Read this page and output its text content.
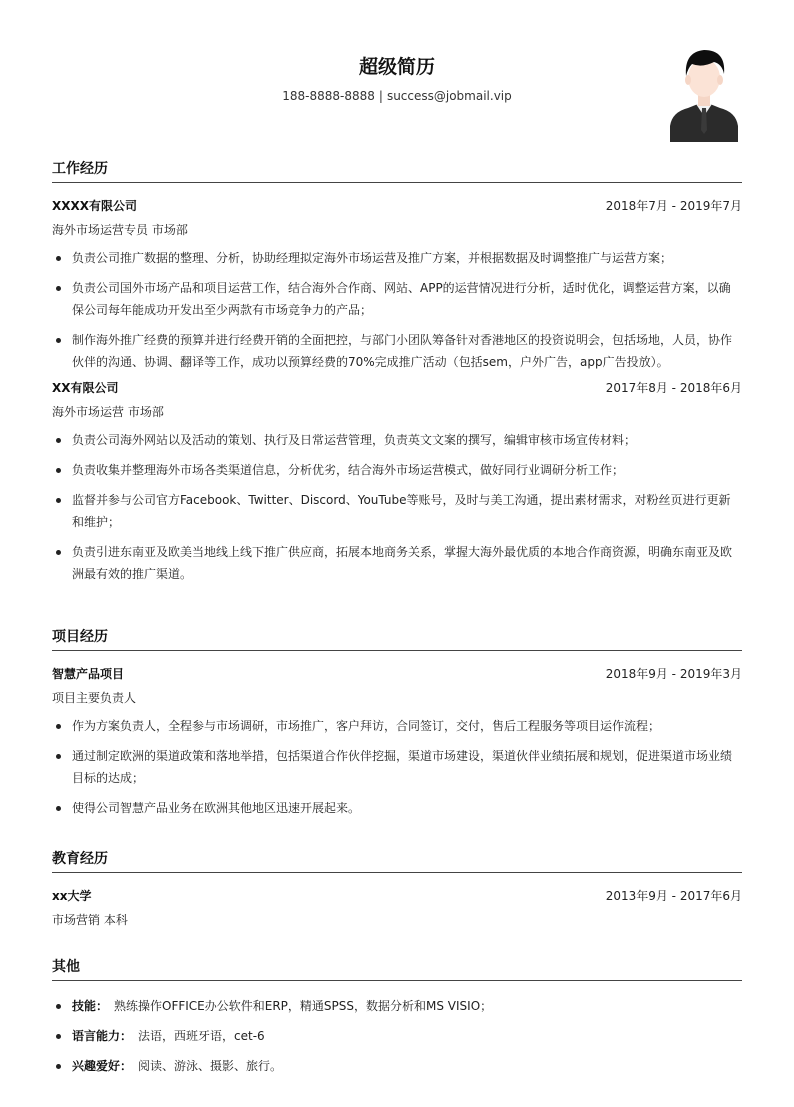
超级简历
188-8888-8888 | success@jobmail.vip
工作经历
XXXX有限公司	2018年7月 - 2019年7月
海外市场运营专员 市场部
负责公司推广数据的整理、分析，协助经理拟定海外市场运营及推广方案，并根据数据及时调整推广与运营方案；
负责公司国外市场产品和项目运营工作，结合海外合作商、网站、APP的运营情况进行分析，适时优化，调整运营方案，以确保公司每年能成功开发出至少两款有市场竞争力的产品；
制作海外推广经费的预算并进行经费开销的全面把控，与部门小团队筹备针对香港地区的投资说明会，包括场地，人员，协作伙伴的沟通、协调、翻译等工作，成功以预算经费的70%完成推广活动（包括sem，户外广告，app广告投放）。
XX有限公司	2017年8月 - 2018年6月
海外市场运营 市场部
负责公司海外网站以及活动的策划、执行及日常运营管理，负责英文文案的撰写，编辑审核市场宣传材料；
负责收集并整理海外市场各类渠道信息，分析优劣，结合海外市场运营模式，做好同行业调研分析工作；
监督并参与公司官方Facebook、Twitter、Discord、YouTube等账号，及时与美工沟通，提出素材需求，对粉丝页进行更新和维护；
负责引进东南亚及欧美当地线上线下推广供应商，拓展本地商务关系，掌握大海外最优质的本地合作商资源，明确东南亚及欧洲最有效的推广渠道。
项目经历
智慧产品项目	2018年9月 - 2019年3月
项目主要负责人
作为方案负责人，全程参与市场调研，市场推广，客户拜访，合同签订，交付，售后工程服务等项目运作流程；
通过制定欧洲的渠道政策和落地举措，包括渠道合作伙伴挖掘，渠道市场建设，渠道伙伴业绩拓展和规划，促进渠道市场业绩目标的达成；
使得公司智慧产品业务在欧洲其他地区迅速开展起来。
教育经历
xx大学	2013年9月 - 2017年6月
市场营销 本科
其他
技能： 熟练操作OFFICE办公软件和ERP，精通SPSS，数据分析和MS VISIO；
语言能力： 法语，西班牙语，cet-6
兴趣爱好： 阅读、游泳、摄影、旅行。
